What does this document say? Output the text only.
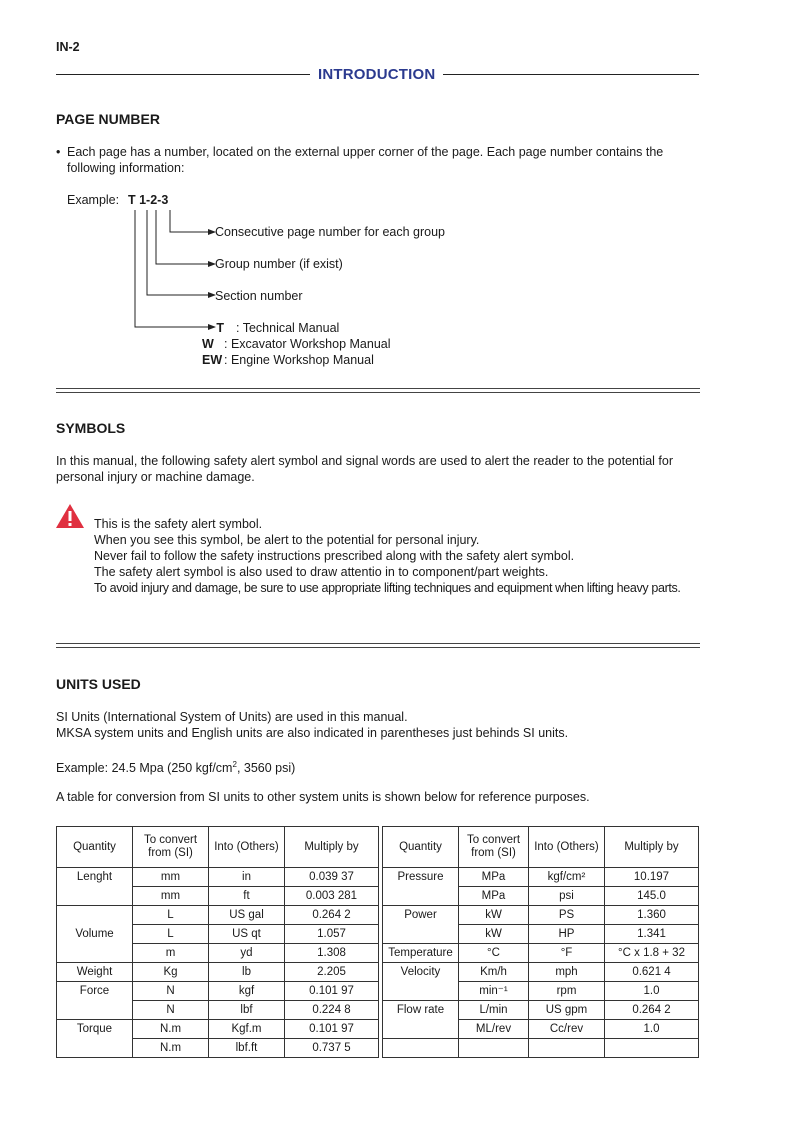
IN-2
INTRODUCTION
PAGE NUMBER
• Each page has a number, located on the external upper corner of the page. Each page number contains the following information:
Example: T 1-2-3
Consecutive page number for each group
Group number (if exist)
Section number
T : Technical Manual
W : Excavator Workshop Manual
EW : Engine Workshop Manual
SYMBOLS
In this manual, the following safety alert symbol and signal words are used to alert the reader to the potential for personal injury or machine damage.
This is the safety alert symbol.
When you see this symbol, be alert to the potential for personal injury.
Never fail to follow the safety instructions prescribed along with the safety alert symbol.
The safety alert symbol is also used to draw attentio in to component/part weights.
To avoid injury and damage, be sure to use appropriate lifting techniques and equipment when lifting heavy parts.
UNITS USED
SI Units (International System of Units) are used in this manual.
MKSA system units and English units are also indicated in parentheses just behinds SI units.
Example: 24.5 Mpa (250 kgf/$cm^2$, 3560 psi)
A table for conversion from SI units to other system units is shown below for reference purposes.
Quantity	To convert from (SI)	Into (Others)	Multiply by		Quantity	To convert from (SI)	Into (Others)	Multiply by
Lenght	mm	in	0.039 37		Pressure	MPa	kgf/cm²	10.197
	mm	ft	0.003 281			MPa	psi	145.0
	L	US gal	0.264 2		Power	kW	PS	1.360
Volume	L	US qt	1.057			kW	HP	1.341
	m	yd	1.308		Temperature	°C	°F	°C x 1.8 + 32
Weight	Kg	lb	2.205		Velocity	Km/h	mph	0.621 4
Force	N	kgf	0.101 97			min⁻¹	rpm	1.0
	N	lbf	0.224 8		Flow rate	L/min	US gpm	0.264 2
Torque	N.m	Kgf.m	0.101 97			ML/rev	Cc/rev	1.0
	N.m	lbf.ft	0.737 5					
